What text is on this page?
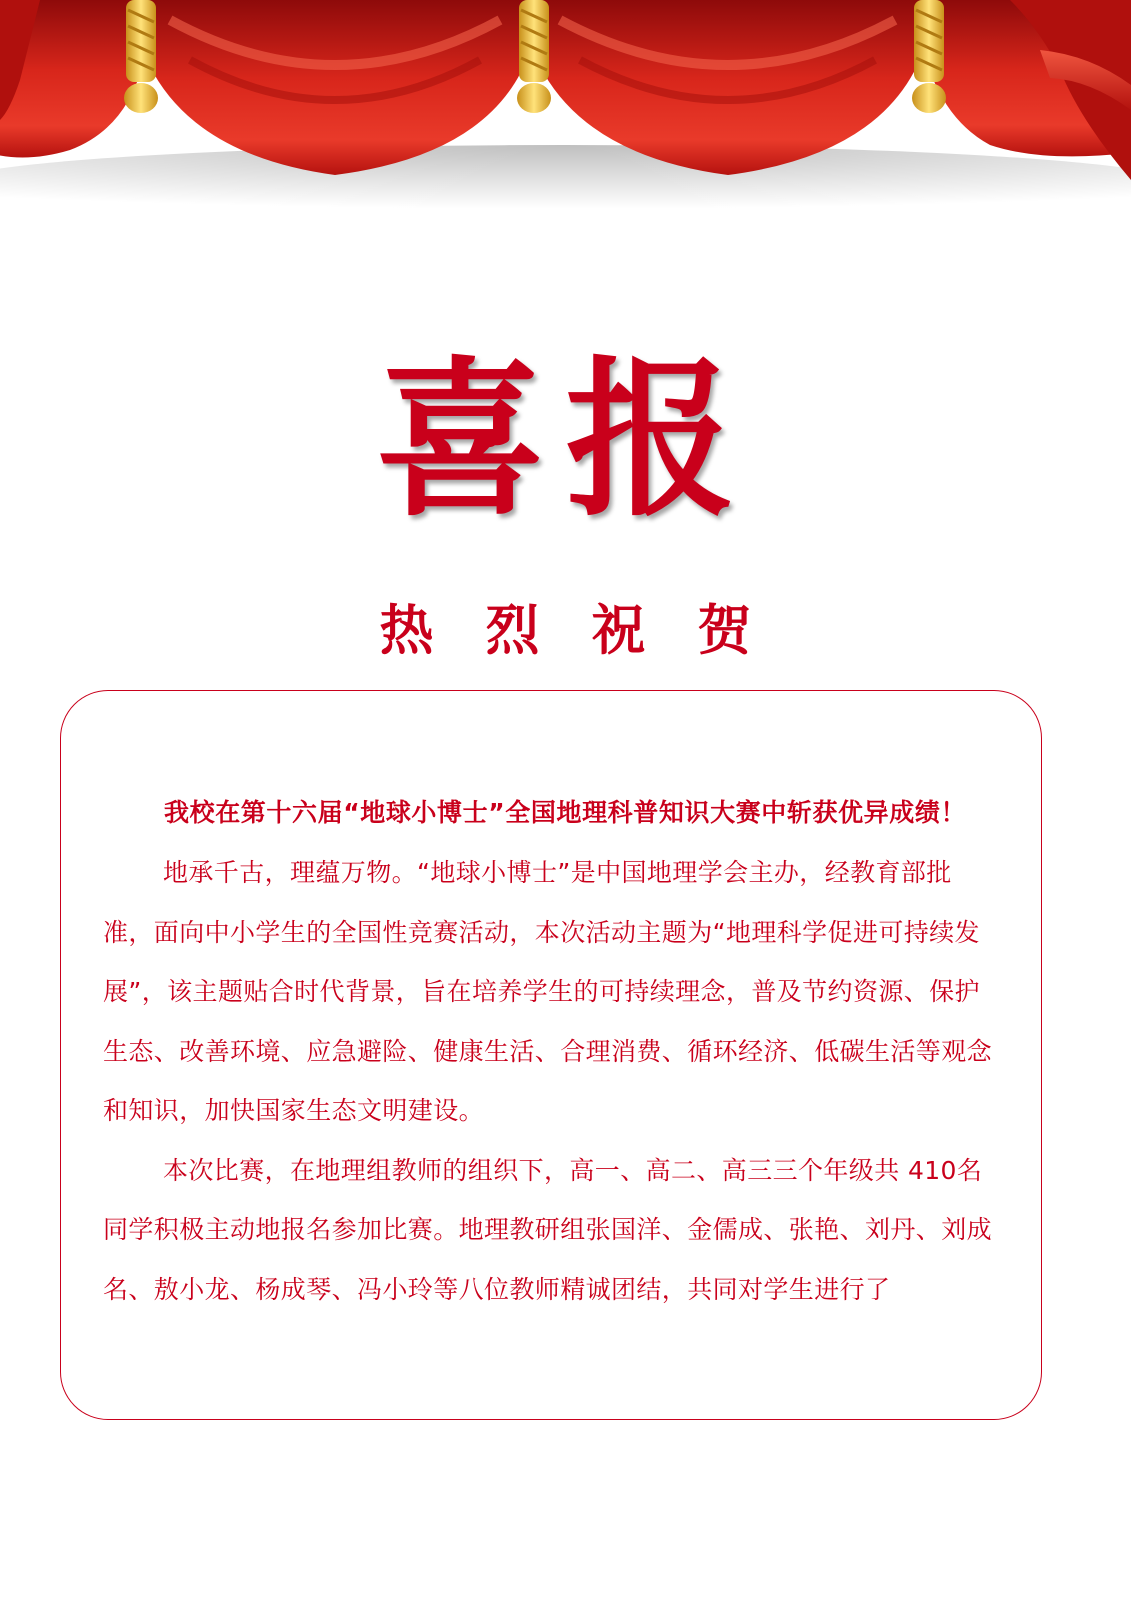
喜报
热烈祝贺

我校在第十六届“地球小博士”全国地理科普知识大赛中斩获优异成绩！

地承千古，理蕴万物。“地球小博士”是中国地理学会主办，经教育部批准，面向中小学生的全国性竞赛活动，本次活动主题为“地理科学促进可持续发展”，该主题贴合时代背景，旨在培养学生的可持续理念，普及节约资源、保护生态、改善环境、应急避险、健康生活、合理消费、循环经济、低碳生活等观念和知识，加快国家生态文明建设。

本次比赛，在地理组教师的组织下，高一、高二、高三三个年级共 410名同学积极主动地报名参加比赛。地理教研组张国洋、金儒成、张艳、刘丹、刘成名、敖小龙、杨成琴、冯小玲等八位教师精诚团结，共同对学生进行了
